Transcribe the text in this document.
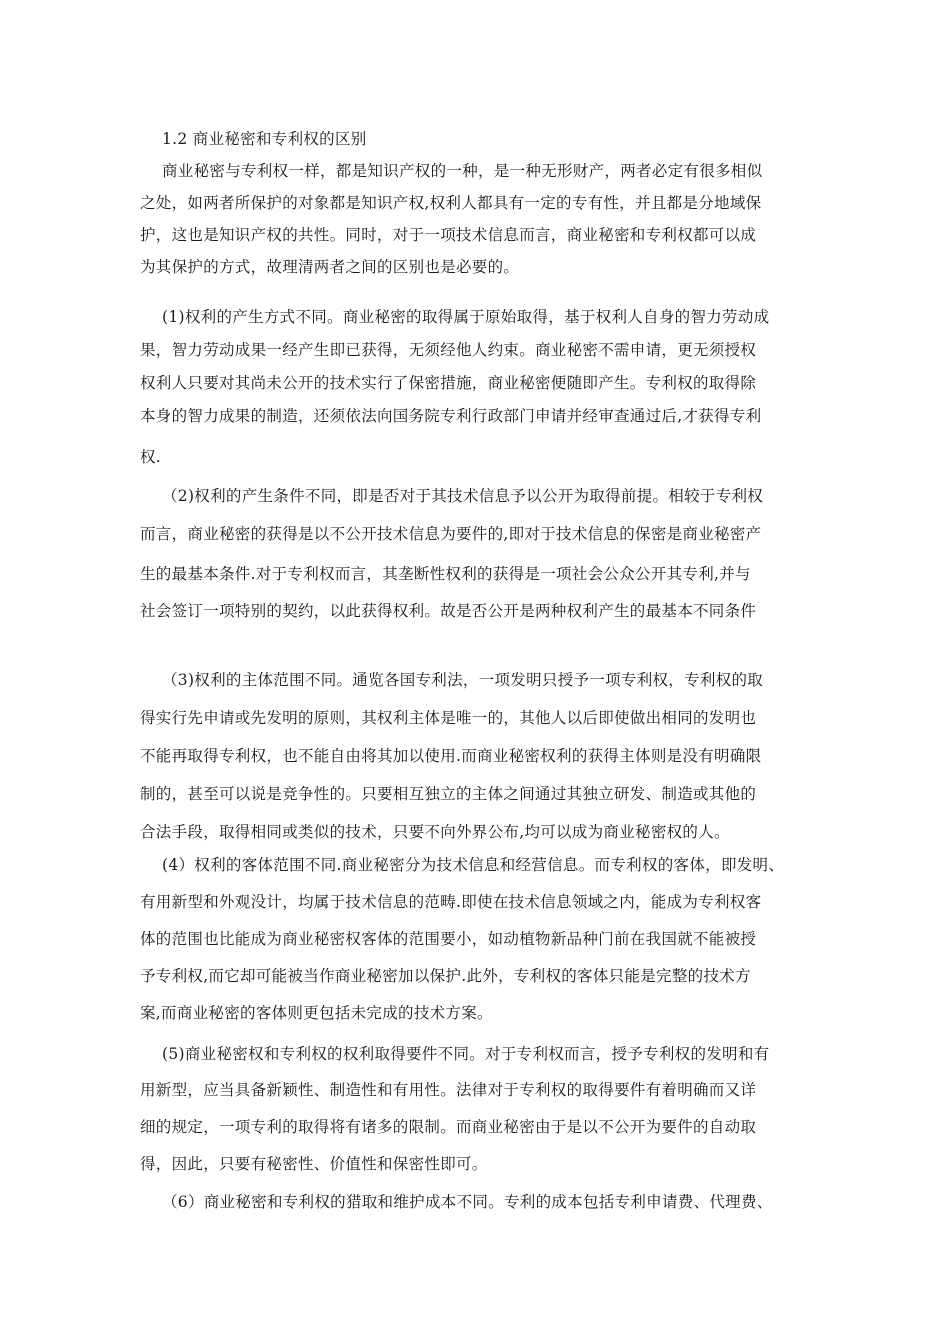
1.2 商业秘密和专利权的区别
商业秘密与专利权一样，都是知识产权的一种，是一种无形财产，两者必定有很多相似
之处，如两者所保护的对象都是知识产权,权利人都具有一定的专有性，并且都是分地域保
护，这也是知识产权的共性。同时，对于一项技术信息而言，商业秘密和专利权都可以成
为其保护的方式，故理清两者之间的区别也是必要的。
(1)权利的产生方式不同。商业秘密的取得属于原始取得，基于权利人自身的智力劳动成
果，智力劳动成果一经产生即已获得，无须经他人约束。商业秘密不需申请，更无须授权
权利人只要对其尚未公开的技术实行了保密措施，商业秘密便随即产生。专利权的取得除
本身的智力成果的制造，还须依法向国务院专利行政部门申请并经审查通过后,才获得专利
权.
（2)权利的产生条件不同，即是否对于其技术信息予以公开为取得前提。相较于专利权
而言，商业秘密的获得是以不公开技术信息为要件的,即对于技术信息的保密是商业秘密产
生的最基本条件.对于专利权而言，其垄断性权利的获得是一项社会公众公开其专利,并与
社会签订一项特别的契约，以此获得权利。故是否公开是两种权利产生的最基本不同条件
（3)权利的主体范围不同。通览各国专利法，一项发明只授予一项专利权，专利权的取
得实行先申请或先发明的原则，其权利主体是唯一的，其他人以后即使做出相同的发明也
不能再取得专利权，也不能自由将其加以使用.而商业秘密权利的获得主体则是没有明确限
制的，甚至可以说是竞争性的。只要相互独立的主体之间通过其独立研发、制造或其他的
合法手段，取得相同或类似的技术，只要不向外界公布,均可以成为商业秘密权的人。
(4）权利的客体范围不同.商业秘密分为技术信息和经营信息。而专利权的客体，即发明、
有用新型和外观没计，均属于技术信息的范畴.即使在技术信息领域之内，能成为专利权客
体的范围也比能成为商业秘密权客体的范围要小，如动植物新品种门前在我国就不能被授
予专利权,而它却可能被当作商业秘密加以保护.此外，专利权的客体只能是完整的技术方
案,而商业秘密的客体则更包括未完成的技术方案。
(5)商业秘密权和专利权的权利取得要件不同。对于专利权而言，授予专利权的发明和有
用新型，应当具备新颖性、制造性和有用性。法律对于专利权的取得要件有着明确而又详
细的规定，一项专利的取得将有诸多的限制。而商业秘密由于是以不公开为要件的自动取
得，因此，只要有秘密性、价值性和保密性即可。
（6）商业秘密和专利权的猎取和维护成本不同。专利的成本包括专利申请费、代理费、
